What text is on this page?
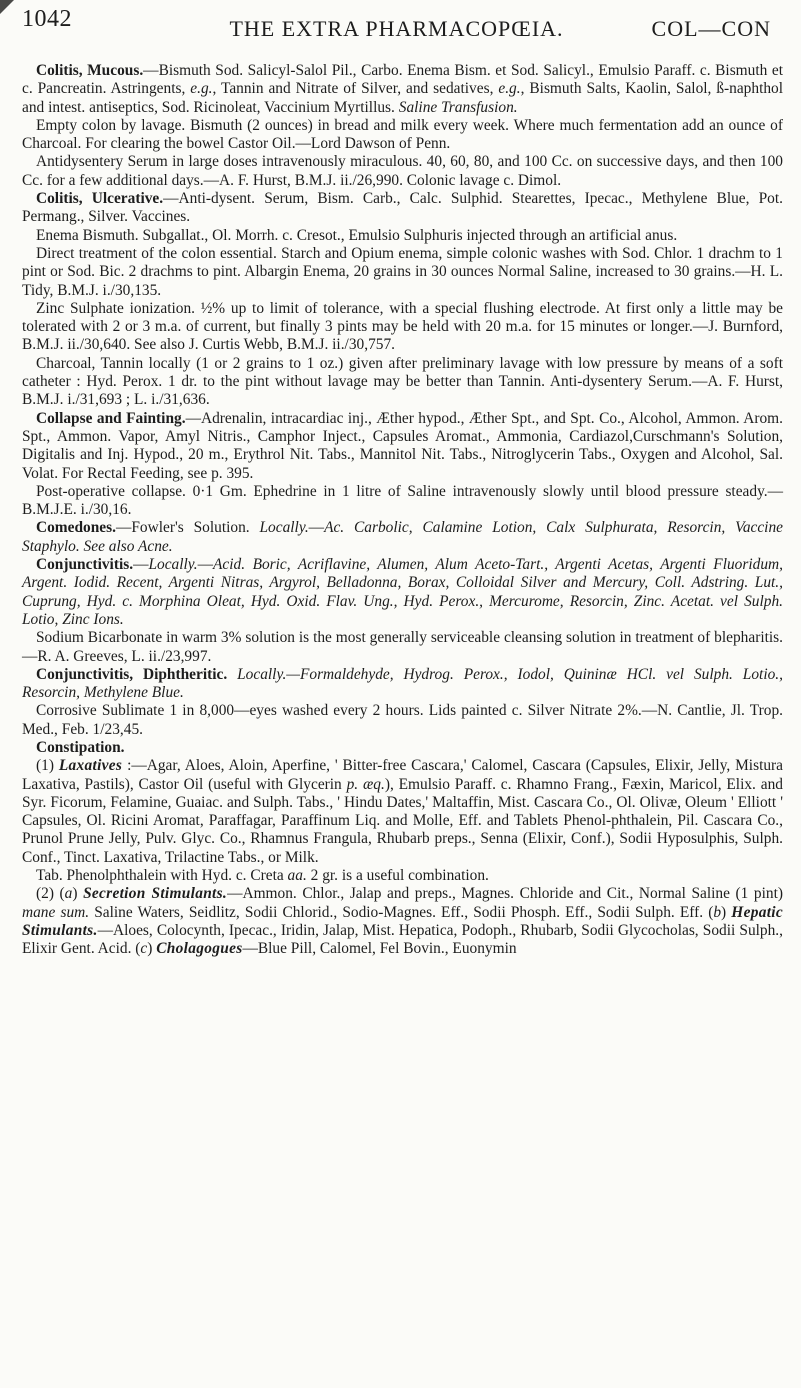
1042	THE EXTRA PHARMACOPŒIA.	COL—CON

Colitis, Mucous.—Bismuth Sod. Salicyl-Salol Pil., Carbo. Enema Bism. et Sod. Salicyl., Emulsio Paraff. c. Bismuth et c. Pancreatin. Astringents, e.g., Tannin and Nitrate of Silver, and sedatives, e.g., Bismuth Salts, Kaolin, Salol, ß-naphthol and intest. antiseptics, Sod. Ricinoleat, Vaccinium Myrtillus. Saline Transfusion.

Empty colon by lavage. Bismuth (2 ounces) in bread and milk every week. Where much fermentation add an ounce of Charcoal. For clearing the bowel Castor Oil.—Lord Dawson of Penn.

Antidysentery Serum in large doses intravenously miraculous. 40, 60, 80, and 100 Cc. on successive days, and then 100 Cc. for a few additional days.—A. F. Hurst, B.M.J. ii./26,990. Colonic lavage c. Dimol.

Colitis, Ulcerative.—Anti-dysent. Serum, Bism. Carb., Calc. Sulphid. Stearettes, Ipecac., Methylene Blue, Pot. Permang., Silver. Vaccines.

Enema Bismuth. Subgallat., Ol. Morrh. c. Cresot., Emulsio Sulphuris injected through an artificial anus.

Direct treatment of the colon essential. Starch and Opium enema, simple colonic washes with Sod. Chlor. 1 drachm to 1 pint or Sod. Bic. 2 drachms to pint. Albargin Enema, 20 grains in 30 ounces Normal Saline, increased to 30 grains.—H. L. Tidy, B.M.J. i./30,135.

Zinc Sulphate ionization. ½% up to limit of tolerance, with a special flushing electrode. At first only a little may be tolerated with 2 or 3 m.a. of current, but finally 3 pints may be held with 20 m.a. for 15 minutes or longer.—J. Burnford, B.M.J. ii./30,640. See also J. Curtis Webb, B.M.J. ii./30,757.

Charcoal, Tannin locally (1 or 2 grains to 1 oz.) given after preliminary lavage with low pressure by means of a soft catheter : Hyd. Perox. 1 dr. to the pint without lavage may be better than Tannin. Anti-dysentery Serum.—A. F. Hurst, B.M.J. i./31,693 ; L. i./31,636.

Collapse and Fainting.—Adrenalin, intracardiac inj., Æther hypod., Æther Spt., and Spt. Co., Alcohol, Ammon. Arom. Spt., Ammon. Vapor, Amyl Nitris., Camphor Inject., Capsules Aromat., Ammonia, Cardiazol,Curschmann's Solution, Digitalis and Inj. Hypod., 20 m., Erythrol Nit. Tabs., Mannitol Nit. Tabs., Nitroglycerin Tabs., Oxygen and Alcohol, Sal. Volat. For Rectal Feeding, see p. 395.

Post-operative collapse. 0·1 Gm. Ephedrine in 1 litre of Saline intravenously slowly until blood pressure steady.—B.M.J.E. i./30,16.

Comedones.—Fowler's Solution. Locally.—Ac. Carbolic, Calamine Lotion, Calx Sulphurata, Resorcin, Vaccine Staphylo. See also Acne.

Conjunctivitis.—Locally.—Acid. Boric, Acriflavine, Alumen, Alum Aceto-Tart., Argenti Acetas, Argenti Fluoridum, Argent. Iodid. Recent, Argenti Nitras, Argyrol, Belladonna, Borax, Colloidal Silver and Mercury, Coll. Adstring. Lut., Cuprung, Hyd. c. Morphina Oleat, Hyd. Oxid. Flav. Ung., Hyd. Perox., Mercurome, Resorcin, Zinc. Acetat. vel Sulph. Lotio, Zinc Ions.

Sodium Bicarbonate in warm 3% solution is the most generally serviceable cleansing solution in treatment of blepharitis.—R. A. Greeves, L. ii./23,997.

Conjunctivitis, Diphtheritic. Locally.—Formaldehyde, Hydrog. Perox., Iodol, Quininæ HCl. vel Sulph. Lotio., Resorcin, Methylene Blue.

Corrosive Sublimate 1 in 8,000—eyes washed every 2 hours. Lids painted c. Silver Nitrate 2%.—N. Cantlie, Jl. Trop. Med., Feb. 1/23,45.

Constipation.

(1) Laxatives :—Agar, Aloes, Aloin, Aperfine, ' Bitter-free Cascara,' Calomel, Cascara (Capsules, Elixir, Jelly, Mistura Laxativa, Pastils), Castor Oil (useful with Glycerin p. æq.), Emulsio Paraff. c. Rhamno Frang., Fæxin, Maricol, Elix. and Syr. Ficorum, Felamine, Guaiac. and Sulph. Tabs., ' Hindu Dates,' Maltaffin, Mist. Cascara Co., Ol. Olivæ, Oleum ' Elliott ' Capsules, Ol. Ricini Aromat, Paraffagar, Paraffinum Liq. and Molle, Eff. and Tablets Phenol-phthalein, Pil. Cascara Co., Prunol Prune Jelly, Pulv. Glyc. Co., Rhamnus Frangula, Rhubarb preps., Senna (Elixir, Conf.), Sodii Hyposulphis, Sulph. Conf., Tinct. Laxativa, Trilactine Tabs., or Milk.

Tab. Phenolphthalein with Hyd. c. Creta aa. 2 gr. is a useful combination.

(2) (a) Secretion Stimulants.—Ammon. Chlor., Jalap and preps., Magnes. Chloride and Cit., Normal Saline (1 pint) mane sum. Saline Waters, Seidlitz, Sodii Chlorid., Sodio-Magnes. Eff., Sodii Phosph. Eff., Sodii Sulph. Eff. (b) Hepatic Stimulants.—Aloes, Colocynth, Ipecac., Iridin, Jalap, Mist. Hepatica, Podoph., Rhubarb, Sodii Glycocholas, Sodii Sulph., Elixir Gent. Acid. (c) Cholagogues—Blue Pill, Calomel, Fel Bovin., Euonymin
